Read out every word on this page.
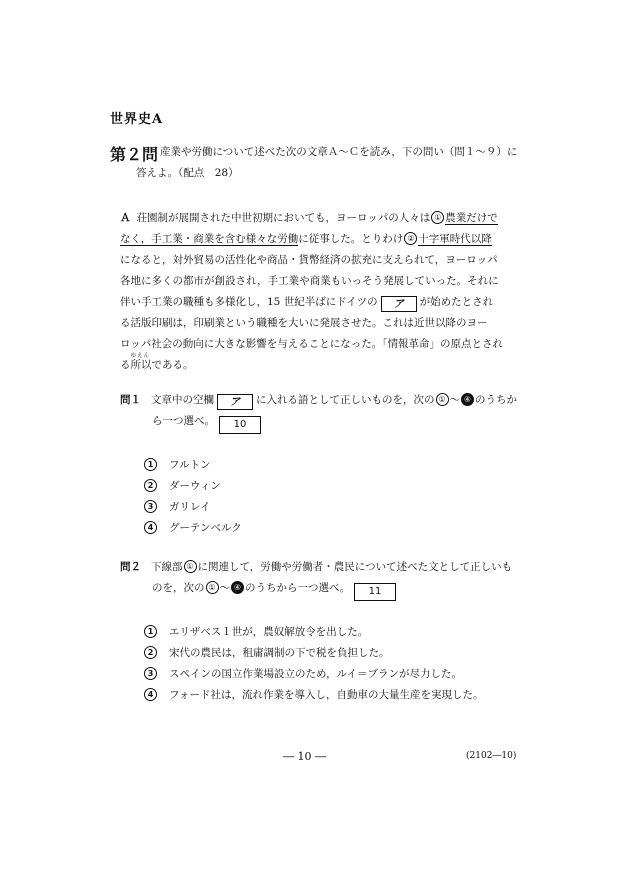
世界史A
第２問 産業や労働について述べた次の文章Ａ～Ｃを読み，下の問い（問１～９）に
答えよ。（配点　28）
Ａ 荘園制が展開された中世初期においても，ヨーロッパの人々は ① 農業だけで
なく，手工業・商業を含む様々な労働に従事した。とりわけ ② 十字軍時代以降
になると，対外貿易の活性化や商品・貨幣経済の拡充に支えられて，ヨーロッパ
各地に多くの都市が創設され，手工業や商業もいっそう発展していった。それに
伴い手工業の職種も多様化し，15 世紀半ばにドイツの ア が始めたとされ
る活版印刷は，印刷業という職種を大いに発展させた。これは近世以降のヨー
ロッパ社会の動向に大きな影響を与えることになった。「情報革命」の原点とされ
る
ゆえん
所以である。
問１ 文章中の空欄 ア に入れる語として正しいものを，次の ① ～ ④ のうちか
ら一つ選べ。 10
1	フルトン
2	ダーウィン
3	ガリレイ
4	グーテンベルク
問２ 下線部 ① に関連して，労働や労働者・農民について述べた文として正しいも
のを，次の ① ～ ④ のうちから一つ選べ。 11
1	エリザベス１世が，農奴解放令を出した。
2	宋代の農民は，租庸調制の下で税を負担した。
3	スペインの国立作業場設立のため，ルイ＝ブランが尽力した。
4	フォード社は，流れ作業を導入し，自動車の大量生産を実現した。
― 10 ―	(2102―10)
